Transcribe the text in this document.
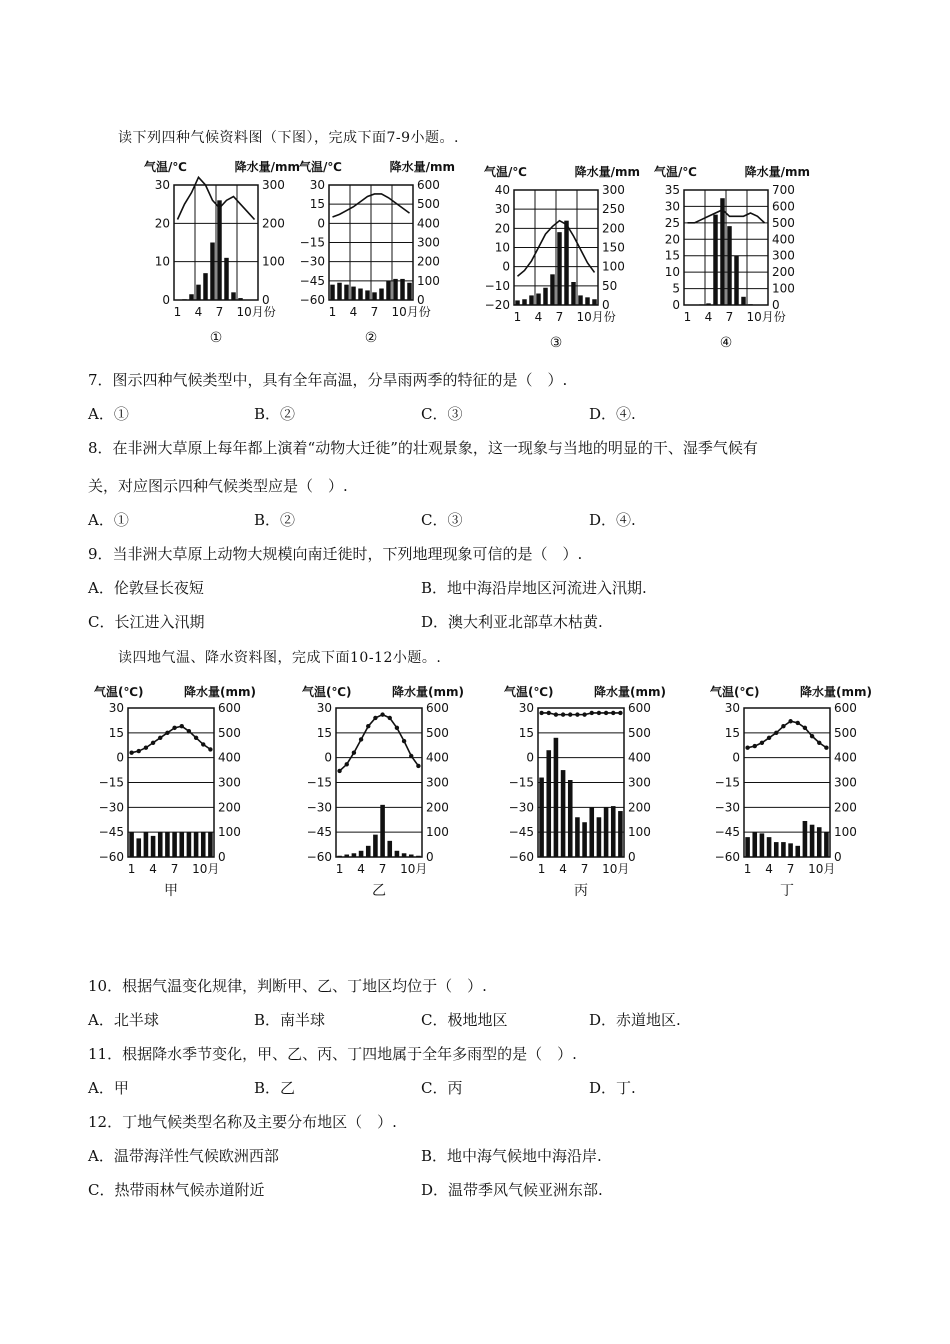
读下列四种气候资料图（下图），完成下面7-9小题。.
气温/℃	降水量/mm
30	300
20	200
10	100
0	0
1 4 7 10月份
①
气温/℃	降水量/mm
30	600
15	500
0	400
−15	300
−30	200
−45	100
−60	0
1 4 7 10月份
②
气温/℃	降水量/mm
40	300
30	250
20	200
10	150
0	100
−10	50
−20	0
1 4 7 10月份
③
气温/℃	降水量/mm
35	700
30	600
25	500
20	400
15	300
10	200
5	100
0	0
1 4 7 10月份
④
7．图示四种气候类型中，具有全年高温，分旱雨两季的特征的是（　）.
A．①	B．②	C．③	D．④.
8．在非洲大草原上每年都上演着“动物大迁徙”的壮观景象，这一现象与当地的明显的干、湿季气候有
关，对应图示四种气候类型应是（　）.
A．①	B．②	C．③	D．④.
9．当非洲大草原上动物大规模向南迁徙时，下列地理现象可信的是（　）.
A．伦敦昼长夜短	B．地中海沿岸地区河流进入汛期.
C．长江进入汛期	D．澳大利亚北部草木枯黄.
读四地气温、降水资料图，完成下面10-12小题。.
气温(℃)	降水量(mm)
30	600
15	500
0	400
−15	300
−30	200
−45	100
−60	0
1 4 7 10月
甲
气温(℃)	降水量(mm)
30	600
15	500
0	400
−15	300
−30	200
−45	100
−60	0
1 4 7 10月
乙
气温(℃)	降水量(mm)
30	600
15	500
0	400
−15	300
−30	200
−45	100
−60	0
1 4 7 10月
丙
气温(℃)	降水量(mm)
30	600
15	500
0	400
−15	300
−30	200
−45	100
−60	0
1 4 7 10月
丁
10．根据气温变化规律，判断甲、乙、丁地区均位于（　）.
A．北半球	B．南半球	C．极地地区	D．赤道地区.
11．根据降水季节变化，甲、乙、丙、丁四地属于全年多雨型的是（　）.
A．甲	B．乙	C．丙	D．丁.
12．丁地气候类型名称及主要分布地区（　）.
A．温带海洋性气候欧洲西部	B．地中海气候地中海沿岸.
C．热带雨林气候赤道附近	D．温带季风气候亚洲东部.
